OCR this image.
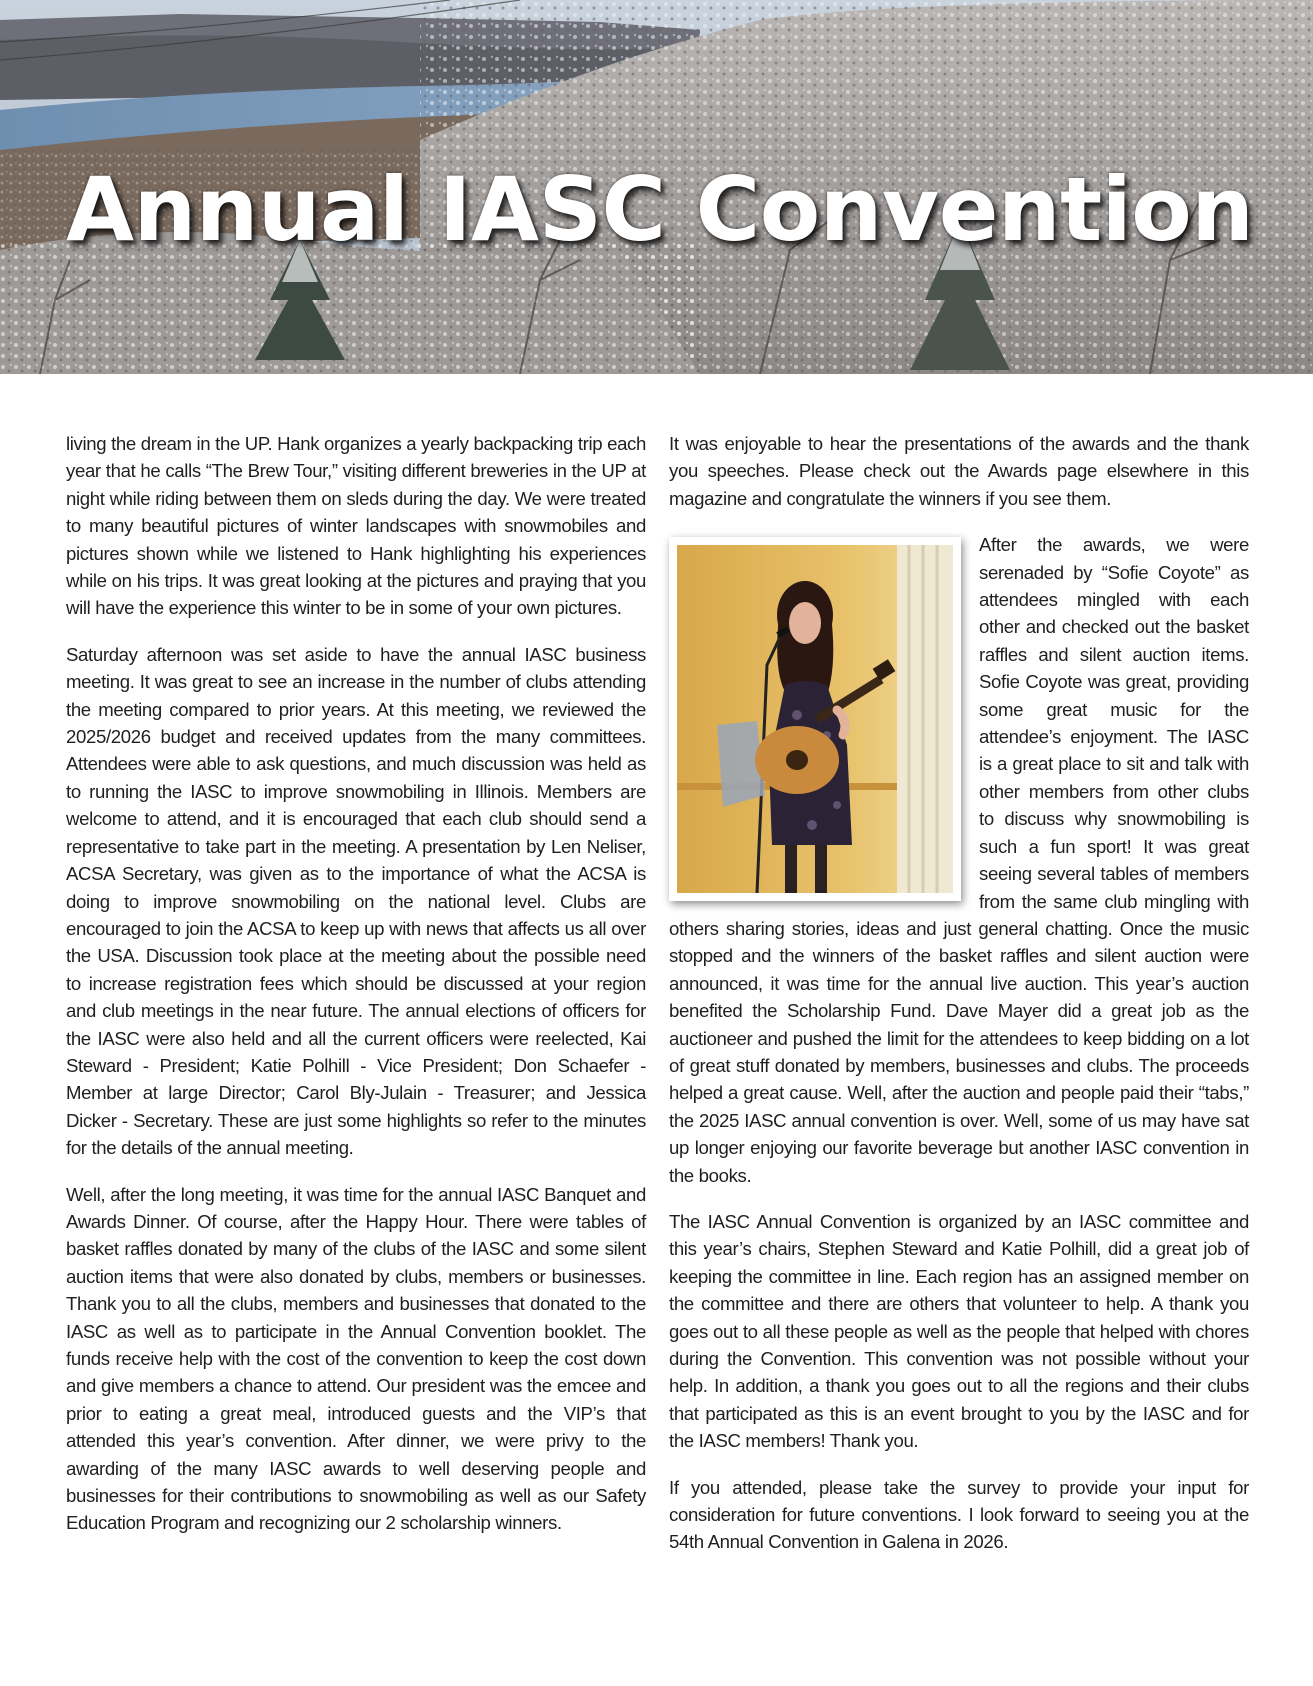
Annual IASC Convention

living the dream in the UP. Hank organizes a yearly backpacking trip each year that he calls “The Brew Tour,” visiting different breweries in the UP at night while riding between them on sleds during the day. We were treated to many beautiful pictures of winter landscapes with snowmobiles and pictures shown while we listened to Hank highlighting his experiences while on his trips. It was great looking at the pictures and praying that you will have the experience this winter to be in some of your own pictures.

Saturday afternoon was set aside to have the annual IASC business meeting. It was great to see an increase in the number of clubs attending the meeting compared to prior years. At this meeting, we reviewed the 2025/2026 budget and received updates from the many committees. Attendees were able to ask questions, and much discussion was held as to running the IASC to improve snowmobiling in Illinois. Members are welcome to attend, and it is encouraged that each club should send a representative to take part in the meeting. A presentation by Len Neliser, ACSA Secretary, was given as to the importance of what the ACSA is doing to improve snowmobiling on the national level. Clubs are encouraged to join the ACSA to keep up with news that affects us all over the USA. Discussion took place at the meeting about the possible need to increase registration fees which should be discussed at your region and club meetings in the near future. The annual elections of officers for the IASC were also held and all the current officers were reelected, Kai Steward - President; Katie Polhill - Vice President; Don Schaefer - Member at large Director; Carol Bly-Julain - Treasurer; and Jessica Dicker - Secretary. These are just some highlights so refer to the minutes for the details of the annual meeting.

Well, after the long meeting, it was time for the annual IASC Banquet and Awards Dinner. Of course, after the Happy Hour. There were tables of basket raffles donated by many of the clubs of the IASC and some silent auction items that were also donated by clubs, members or businesses. Thank you to all the clubs, members and businesses that donated to the IASC as well as to participate in the Annual Convention booklet. The funds receive help with the cost of the convention to keep the cost down and give members a chance to attend. Our president was the emcee and prior to eating a great meal, introduced guests and the VIP’s that attended this year’s convention. After dinner, we were privy to the awarding of the many IASC awards to well deserving people and businesses for their contributions to snowmobiling as well as our Safety Education Program and recognizing our 2 scholarship winners.

It was enjoyable to hear the presentations of the awards and the thank you speeches. Please check out the Awards page elsewhere in this magazine and congratulate the winners if you see them.

After the awards, we were serenaded by “Sofie Coyote” as attendees mingled with each other and checked out the basket raffles and silent auction items. Sofie Coyote was great, providing some great music for the attendee’s enjoyment. The IASC is a great place to sit and talk with other members from other clubs to discuss why snowmobiling is such a fun sport! It was great seeing several tables of members from the same club mingling with others sharing stories, ideas and just general chatting. Once the music stopped and the winners of the basket raffles and silent auction were announced, it was time for the annual live auction. This year’s auction benefited the Scholarship Fund. Dave Mayer did a great job as the auctioneer and pushed the limit for the attendees to keep bidding on a lot of great stuff donated by members, businesses and clubs. The proceeds helped a great cause. Well, after the auction and people paid their “tabs,” the 2025 IASC annual convention is over. Well, some of us may have sat up longer enjoying our favorite beverage but another IASC convention in the books.

The IASC Annual Convention is organized by an IASC committee and this year’s chairs, Stephen Steward and Katie Polhill, did a great job of keeping the committee in line. Each region has an assigned member on the committee and there are others that volunteer to help. A thank you goes out to all these people as well as the people that helped with chores during the Convention. This convention was not possible without your help. In addition, a thank you goes out to all the regions and their clubs that participated as this is an event brought to you by the IASC and for the IASC members! Thank you.

If you attended, please take the survey to provide your input for consideration for future conventions. I look forward to seeing you at the 54th Annual Convention in Galena in 2026.
